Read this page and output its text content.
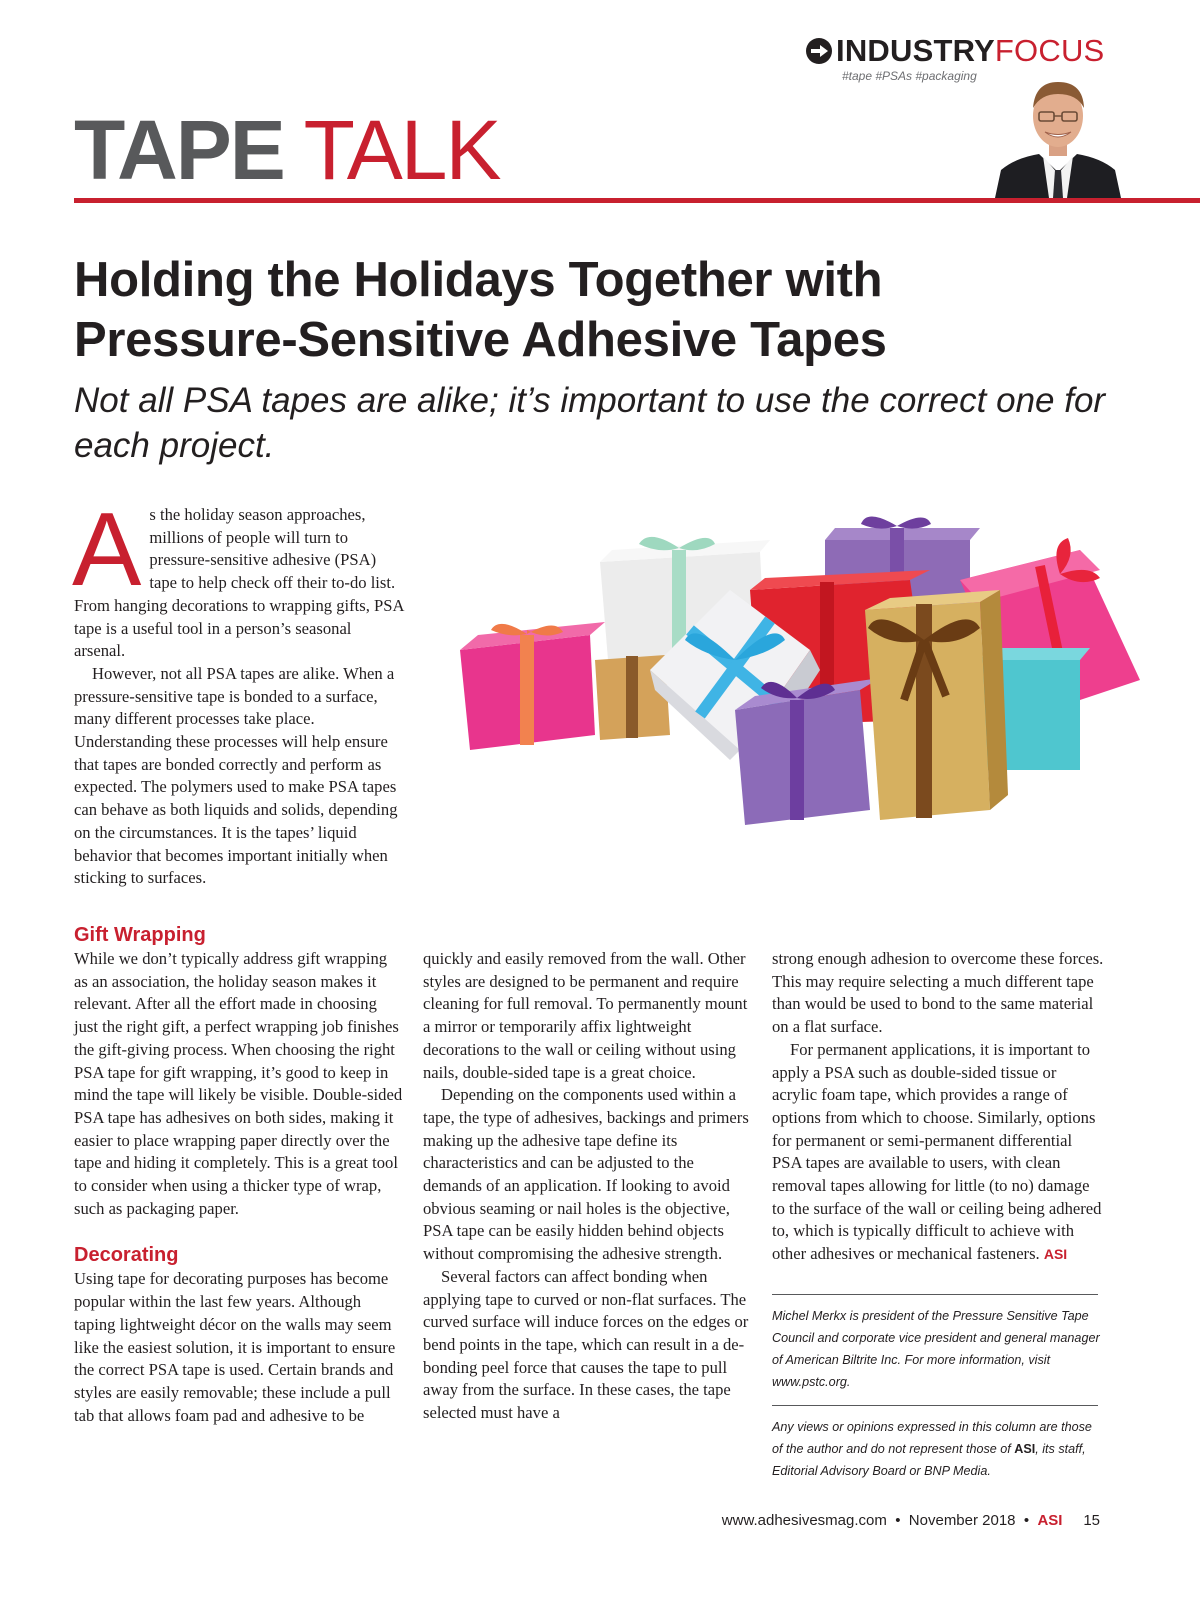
INDUSTRY FOCUS
#tape #PSAs #packaging
TAPE TALK
Holding the Holidays Together with
Pressure-Sensitive Adhesive Tapes

Not all PSA tapes are alike; it’s important to use the correct one for each project.

A s the holiday season approaches, millions of people will turn to pressure-sensitive adhesive (PSA) tape to help check off their to-do list. From hanging decorations to wrapping gifts, PSA tape is a useful tool in a person’s seasonal arsenal.

However, not all PSA tapes are alike. When a pressure-sensitive tape is bonded to a surface, many different processes take place. Understanding these processes will help ensure that tapes are bonded correctly and perform as expected. The polymers used to make PSA tapes can behave as both liquids and solids, depending on the circumstances. It is the tapes’ liquid behavior that becomes important initially when sticking to surfaces.

Gift Wrapping

While we don’t typically address gift wrapping as an association, the holiday season makes it relevant. After all the effort made in choosing just the right gift, a perfect wrapping job finishes the gift-giving process. When choosing the right PSA tape for gift wrapping, it’s good to keep in mind the tape will likely be visible. Double-sided PSA tape has adhesives on both sides, making it easier to place wrapping paper directly over the tape and hiding it completely. This is a great tool to consider when using a thicker type of wrap, such as packaging paper.

Decorating

Using tape for decorating purposes has become popular within the last few years. Although taping lightweight décor on the walls may seem like the easiest solution, it is important to ensure the correct PSA tape is used. Certain brands and styles are easily removable; these include a pull tab that allows foam pad and adhesive to be

quickly and easily removed from the wall. Other styles are designed to be permanent and require cleaning for full removal. To permanently mount a mirror or temporarily affix lightweight decorations to the wall or ceiling without using nails, double-sided tape is a great choice.

Depending on the components used within a tape, the type of adhesives, backings and primers making up the adhesive tape define its characteristics and can be adjusted to the demands of an application. If looking to avoid obvious seaming or nail holes is the objective, PSA tape can be easily hidden behind objects without compromising the adhesive strength.

Several factors can affect bonding when applying tape to curved or non-flat surfaces. The curved surface will induce forces on the edges or bend points in the tape, which can result in a de-bonding peel force that causes the tape to pull away from the surface. In these cases, the tape selected must have a

strong enough adhesion to overcome these forces. This may require selecting a much different tape than would be used to bond to the same material on a flat surface.

For permanent applications, it is important to apply a PSA such as double-sided tissue or acrylic foam tape, which provides a range of options from which to choose. Similarly, options for permanent or semi-permanent differential PSA tapes are available to users, with clean removal tapes allowing for little (to no) damage to the surface of the wall or ceiling being adhered to, which is typically difficult to achieve with other adhesives or mechanical fasteners. ASI

Michel Merkx is president of the Pressure Sensitive Tape Council and corporate vice president and general manager of American Biltrite Inc. For more information, visit www.pstc.org.

Any views or opinions expressed in this column are those of the author and do not represent those of ASI, its staff, Editorial Advisory Board or BNP Media.

www.adhesivesmag.com  •  November 2018  •  ASI 15
